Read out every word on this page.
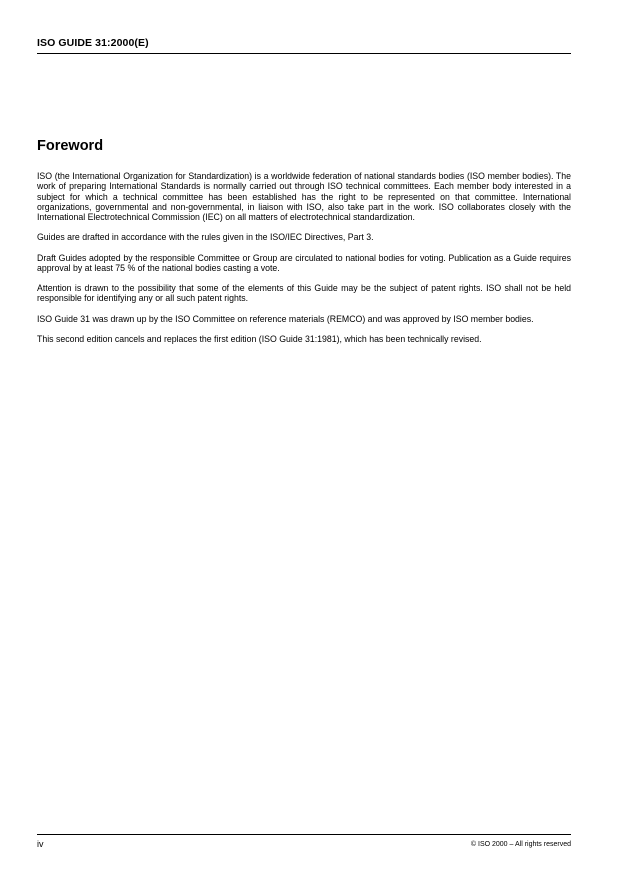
ISO GUIDE 31:2000(E)
Foreword

ISO (the International Organization for Standardization) is a worldwide federation of national standards bodies (ISO member bodies). The work of preparing International Standards is normally carried out through ISO technical committees. Each member body interested in a subject for which a technical committee has been established has the right to be represented on that committee. International organizations, governmental and non-governmental, in liaison with ISO, also take part in the work. ISO collaborates closely with the International Electrotechnical Commission (IEC) on all matters of electrotechnical standardization.

Guides are drafted in accordance with the rules given in the ISO/IEC Directives, Part 3.

Draft Guides adopted by the responsible Committee or Group are circulated to national bodies for voting. Publication as a Guide requires approval by at least 75 % of the national bodies casting a vote.

Attention is drawn to the possibility that some of the elements of this Guide may be the subject of patent rights. ISO shall not be held responsible for identifying any or all such patent rights.

ISO Guide 31 was drawn up by the ISO Committee on reference materials (REMCO) and was approved by ISO member bodies.

This second edition cancels and replaces the first edition (ISO Guide 31:1981), which has been technically revised.

iv	© ISO 2000 – All rights reserved
